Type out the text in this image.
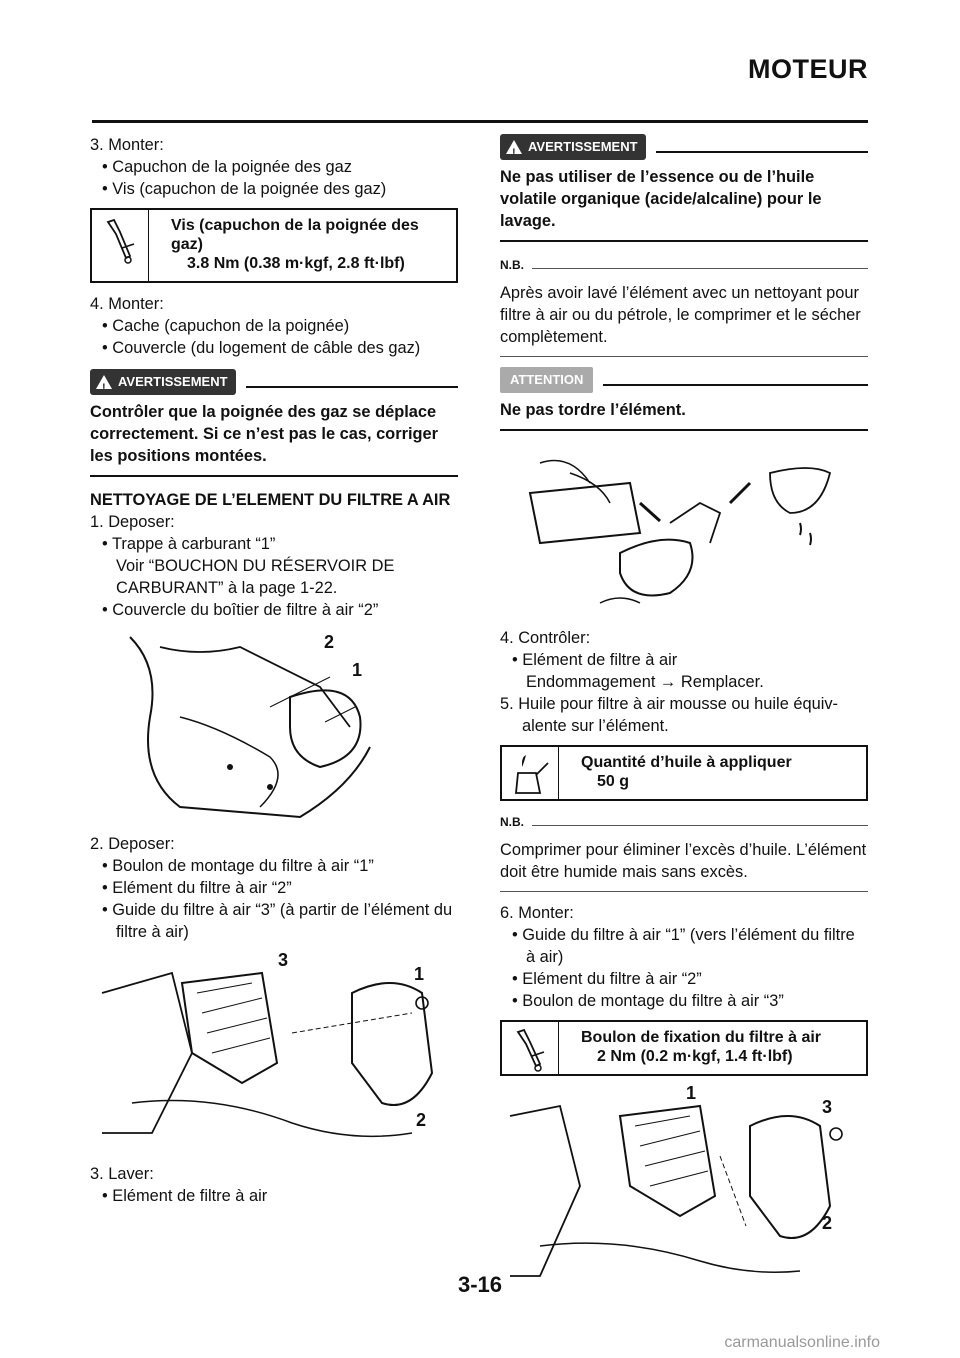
MOTEUR

3. Monter:

• Capuchon de la poignée des gaz

• Vis (capuchon de la poignée des gaz)

Vis (capuchon de la poignée des gaz)
3.8 Nm (0.38 m·kgf, 2.8 ft·lbf)

4. Monter:

• Cache (capuchon de la poignée)

• Couvercle (du logement de câble des gaz)

! AVERTISSEMENT

Contrôler que la poignée des gaz se déplace correctement. Si ce n’est pas le cas, corriger les positions montées.

NETTOYAGE DE L’ELEMENT DU FILTRE A AIR

1. Deposer:

• Trappe à carburant “1”

Voir “BOUCHON DU RÉSERVOIR DE CARBURANT” à la page 1-22.

• Couvercle du boîtier de filtre à air “2”

2
1

2. Deposer:

• Boulon de montage du filtre à air “1”

• Elément du filtre à air “2”

• Guide du filtre à air “3” (à partir de l’élément du filtre à air)

3
1
2

3. Laver:

• Elément de filtre à air

! AVERTISSEMENT

Ne pas utiliser de l’essence ou de l’huile volatile organique (acide/alcaline) pour le lavage.

N.B.

Après avoir lavé l’élément avec un nettoyant pour filtre à air ou du pétrole, le comprimer et le sécher complètement.

ATTENTION

Ne pas tordre l’élément.

4. Contrôler:

• Elément de filtre à air

Endommagement → Remplacer.

5. Huile pour filtre à air mousse ou huile équivalente sur l’élément.

Quantité d’huile à appliquer
50 g
N.B.

Comprimer pour éliminer l’excès d’huile. L’élément doit être humide mais sans excès.

6. Monter:

• Guide du filtre à air “1” (vers l’élément du filtre à air)

• Elément du filtre à air “2”

• Boulon de montage du filtre à air “3”

Boulon de fixation du filtre à air
2 Nm (0.2 m·kgf, 1.4 ft·lbf)
1
3
2
3-16
carmanualsonline.info
